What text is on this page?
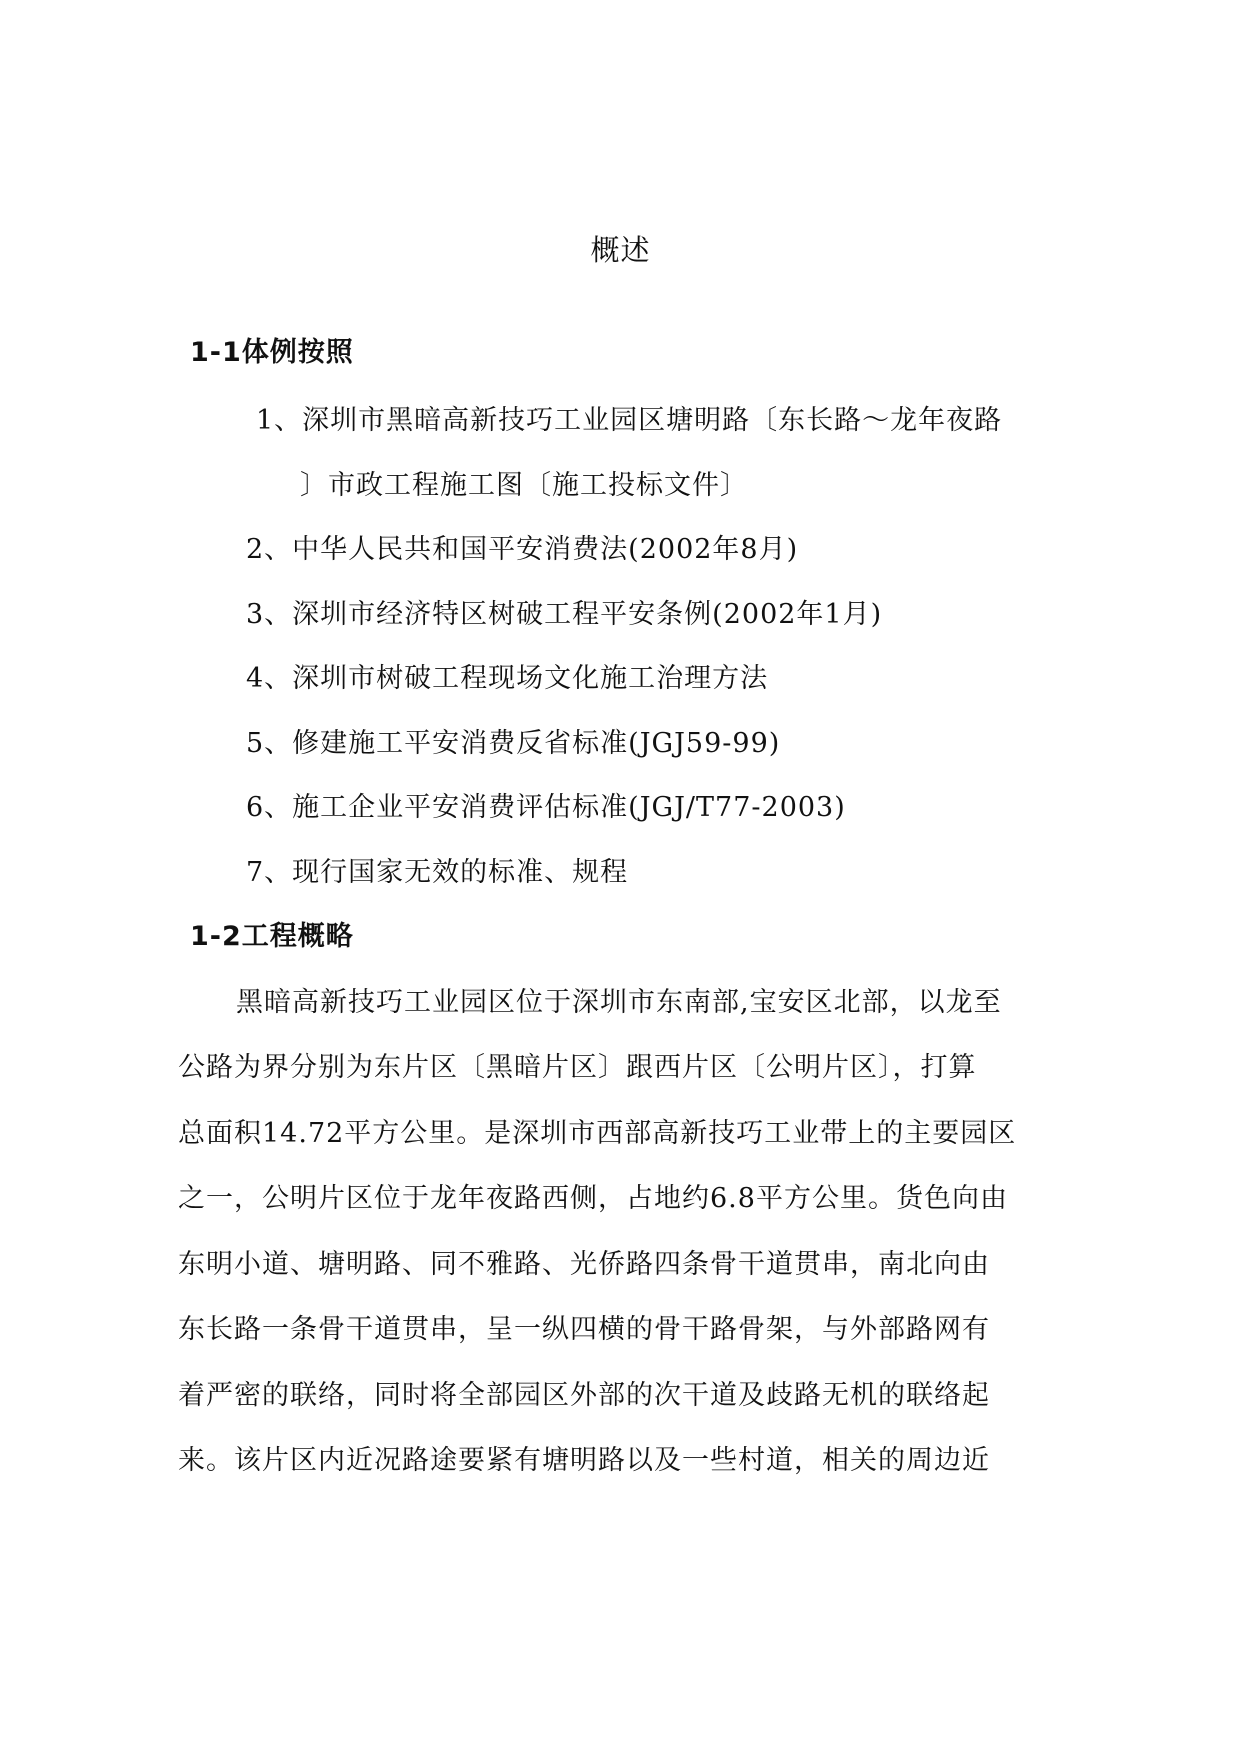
概述
1-1体例按照
1、深圳市黑暗高新技巧工业园区塘明路〔东长路～龙年夜路
〕市政工程施工图〔施工投标文件〕
2、中华人民共和国平安消费法(2002年8月)
3、深圳市经济特区树破工程平安条例(2002年1月)
4、深圳市树破工程现场文化施工治理方法
5、修建施工平安消费反省标准(JGJ59-99)
6、施工企业平安消费评估标准(JGJ/T77-2003)
7、现行国家无效的标准、规程
1-2工程概略
黑暗高新技巧工业园区位于深圳市东南部,宝安区北部，以龙至
公路为界分别为东片区〔黑暗片区〕跟西片区〔公明片区〕，打算
总面积14.72平方公里。是深圳市西部高新技巧工业带上的主要园区
之一，公明片区位于龙年夜路西侧，占地约6.8平方公里。货色向由
东明小道、塘明路、同不雅路、光侨路四条骨干道贯串，南北向由
东长路一条骨干道贯串，呈一纵四横的骨干路骨架，与外部路网有
着严密的联络，同时将全部园区外部的次干道及歧路无机的联络起
来。该片区内近况路途要紧有塘明路以及一些村道，相关的周边近
